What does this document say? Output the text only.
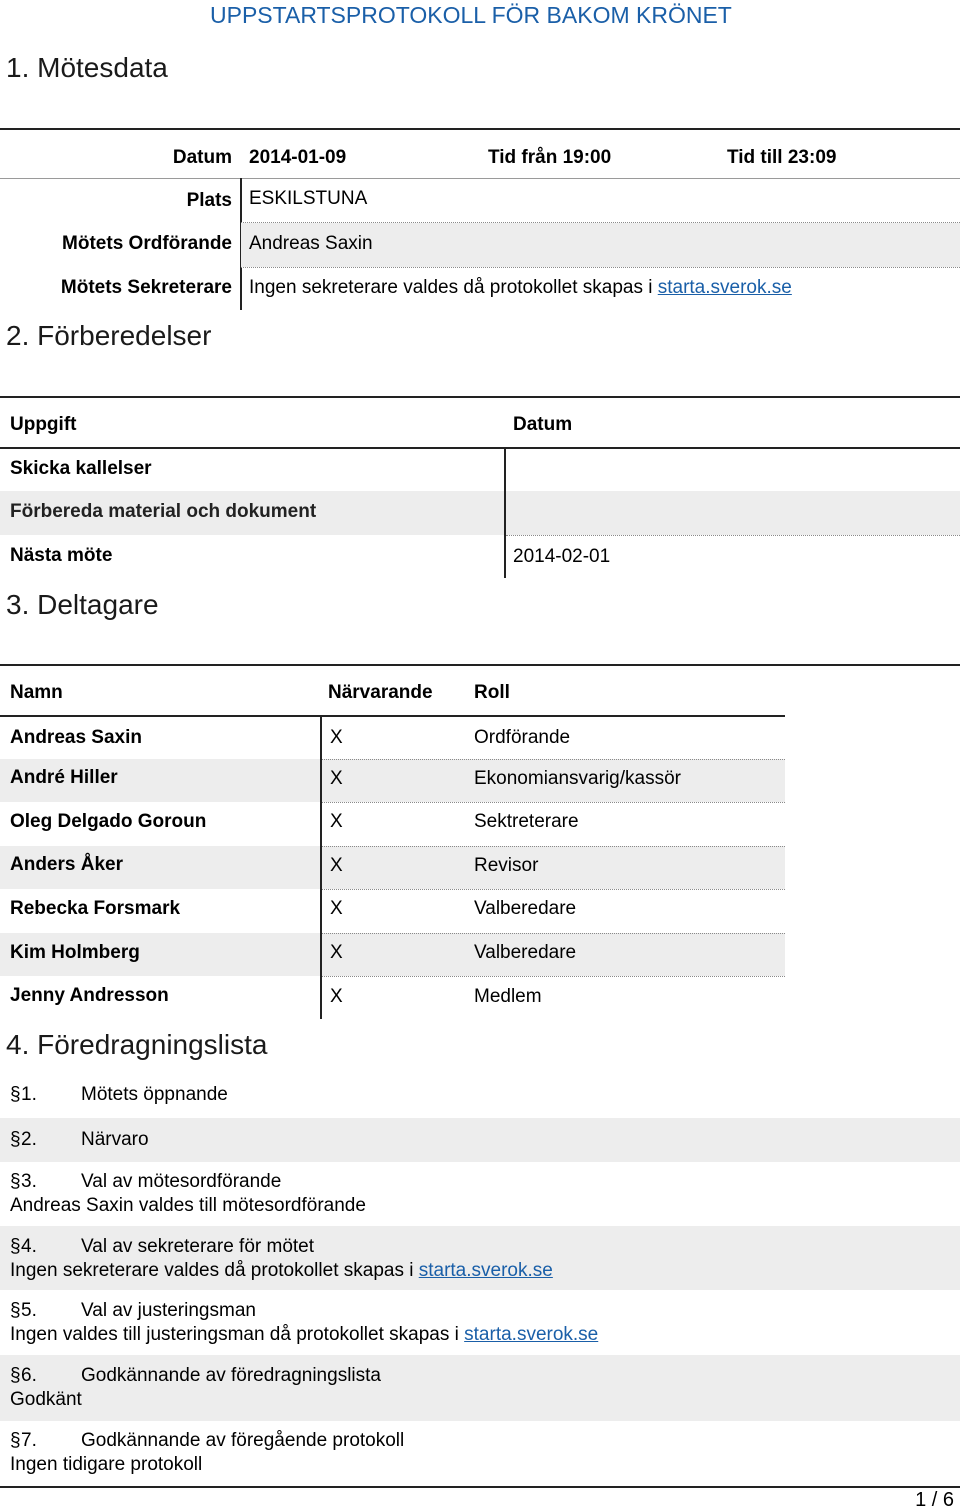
UPPSTARTSPROTOKOLL FÖR BAKOM KRÖNET
1. Mötesdata
Datum 2014-01-09	Tid från 19:00	Tid till 23:09
Plats ESKILSTUNA
Mötets Ordförande Andreas Saxin
Mötets Sekreterare Ingen sekreterare valdes då protokollet skapas i starta.sverok.se
2. Förberedelser
Uppgift	Datum
Skicka kallelser
Förbereda material och dokument
Nästa möte	2014-02-01
3. Deltagare
Namn	Närvarande Roll
Andreas Saxin	X	Ordförande
André Hiller	X	Ekonomiansvarig/kassör
Oleg Delgado Goroun	X	Sektreterare
Anders Åker	X	Revisor
Rebecka Forsmark	X	Valberedare
Kim Holmberg	X	Valberedare
Jenny Andresson	X	Medlem
4. Föredragningslista
§ 1. Mötets öppnande
§ 2. Närvaro
§ 3. Val av mötesordförande
Andreas Saxin valdes till mötesordförande
§ 4. Val av sekreterare för mötet
Ingen sekreterare valdes då protokollet skapas i starta.sverok.se
§ 5. Val av justeringsman
Ingen valdes till justeringsman då protokollet skapas i starta.sverok.se
§ 6. Godkännande av föredragningslista
Godkänt
§ 7. Godkännande av föregående protokoll
Ingen tidigare protokoll
1 / 6
